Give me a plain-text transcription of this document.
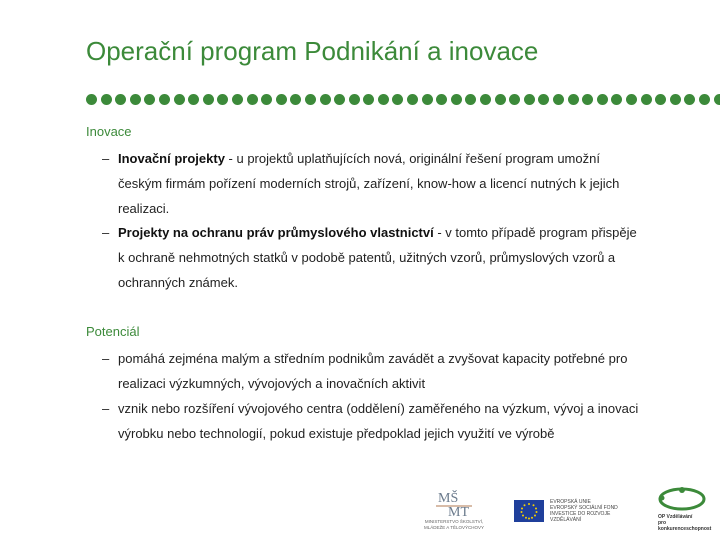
Operační program Podnikání a inovace
Inovace
– Inovační projekty - u projektů uplatňujících nová, originální řešení program umožní
českým firmám pořízení moderních strojů, zařízení, know-how a licencí nutných k jejich
realizaci.
– Projekty na ochranu práv průmyslového vlastnictví - v tomto případě program přispěje
k ochraně nehmotných statků v podobě patentů, užitných vzorů, průmyslových vzorů a
ochranných známek.
Potenciál
– pomáhá zejména malým a středním podnikům zavádět a zvyšovat kapacity potřebné pro
realizaci výzkumných, vývojových a inovačních aktivit
– vznik nebo rozšíření vývojového centra (oddělení) zaměřeného na výzkum, vývoj a inovaci
výrobku nebo technologií, pokud existuje předpoklad jejich využití ve výrobě
MŠ
MT
MINISTERSTVO ŠKOLSTVÍ,
MLÁDEŽE A TĚLOVÝCHOVY
EVROPSKÁ UNIE
EVROPSKÝ SOCIÁLNÍ FOND
INVESTICE DO ROZVOJE VZDĚLÁVÁNÍ	OP Vzdělávání
pro konkurenceschopnost
